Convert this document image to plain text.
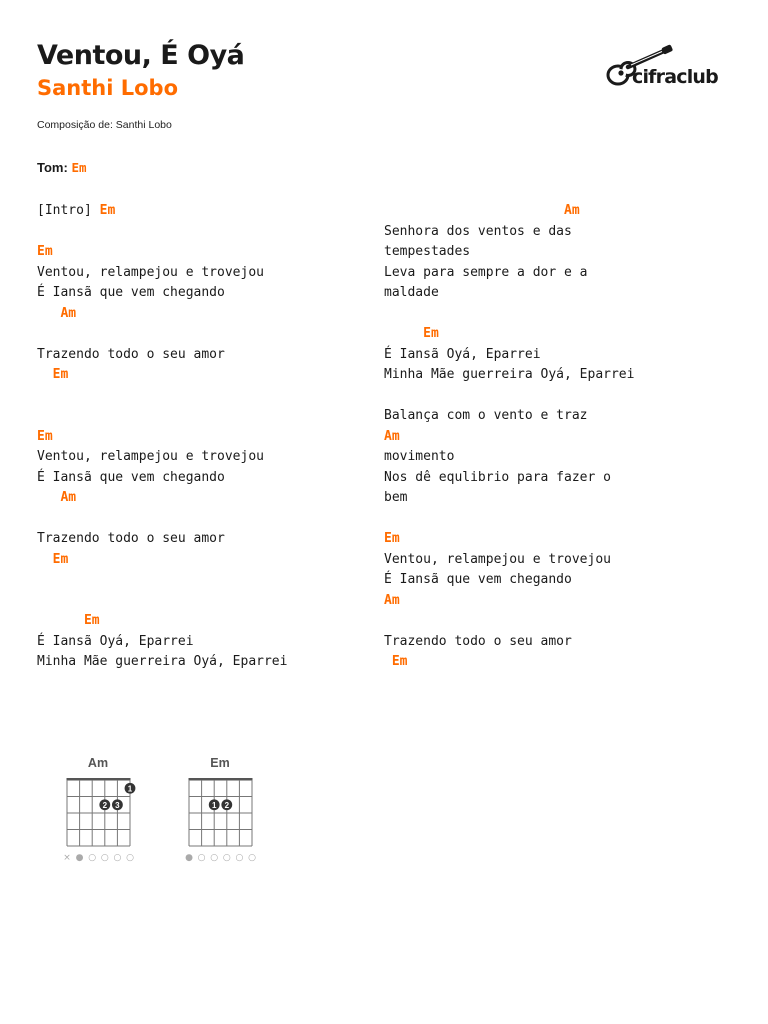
Ventou, É Oyá
Santhi Lobo
Composição de: Santhi Lobo
cifraclub
Tom: Em
[Intro] Em
Em
Ventou, relampejou e trovejou
É Iansã que vem chegando
Am
Trazendo todo o seu amor
Em
Em
Ventou, relampejou e trovejou
É Iansã que vem chegando
Am
Trazendo todo o seu amor
Em
Em
É Iansã Oyá, Eparrei
Minha Mãe guerreira Oyá, Eparrei
Am
Senhora dos ventos e das
tempestades
Leva para sempre a dor e a
maldade
Em
É Iansã Oyá, Eparrei
Minha Mãe guerreira Oyá, Eparrei
Balança com o vento e traz
Am
movimento
Nos dê equlibrio para fazer o
bem
Em
Ventou, relampejou e trovejou
É Iansã que vem chegando
Am
Trazendo todo o seu amor
Em
Am
1
2 3
× ● ○ ○ ○ ○
Em
1 2
● ○ ○ ○ ○ ○
